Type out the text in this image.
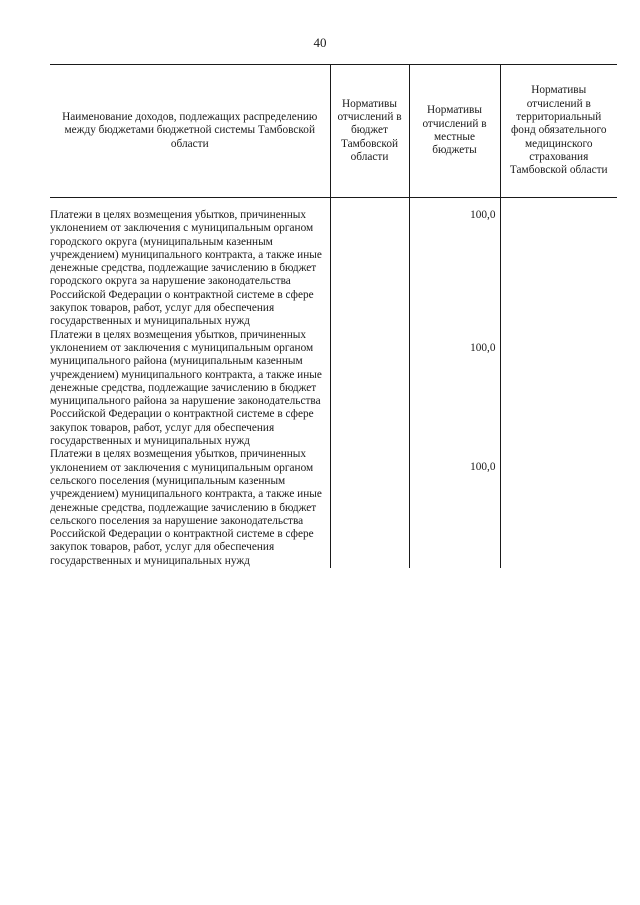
40
Наименование доходов, подлежащих распределению между бюджетами бюджетной системы Тамбовской области	Нормативы отчислений в бюджет Тамбовской области	Нормативы отчислений в местные бюджеты	Нормативы отчислений в территориальный фонд обязательного медицинского страхования Тамбовской области
Платежи в целях возмещения убытков, причиненных уклонением от заключения с муниципальным органом городского округа (муниципальным казенным учреждением) муниципального контракта, а также иные денежные средства, подлежащие зачислению в бюджет городского округа за нарушение законодательства Российской Федерации о контрактной системе в сфере закупок товаров, работ, услуг для обеспечения государственных и муниципальных нужд		100,0	
Платежи в целях возмещения убытков, причиненных уклонением от заключения с муниципальным органом муниципального района (муниципальным казенным учреждением) муниципального контракта, а также иные денежные средства, подлежащие зачислению в бюджет муниципального района за нарушение законодательства Российской Федерации о контрактной системе в сфере закупок товаров, работ, услуг для обеспечения государственных и муниципальных нужд		100,0	
Платежи в целях возмещения убытков, причиненных уклонением от заключения с муниципальным органом сельского поселения (муниципальным казенным учреждением) муниципального контракта, а также иные денежные средства, подлежащие зачислению в бюджет сельского поселения за нарушение законодательства Российской Федерации о контрактной системе в сфере закупок товаров, работ, услуг для обеспечения государственных и муниципальных нужд		100,0	
